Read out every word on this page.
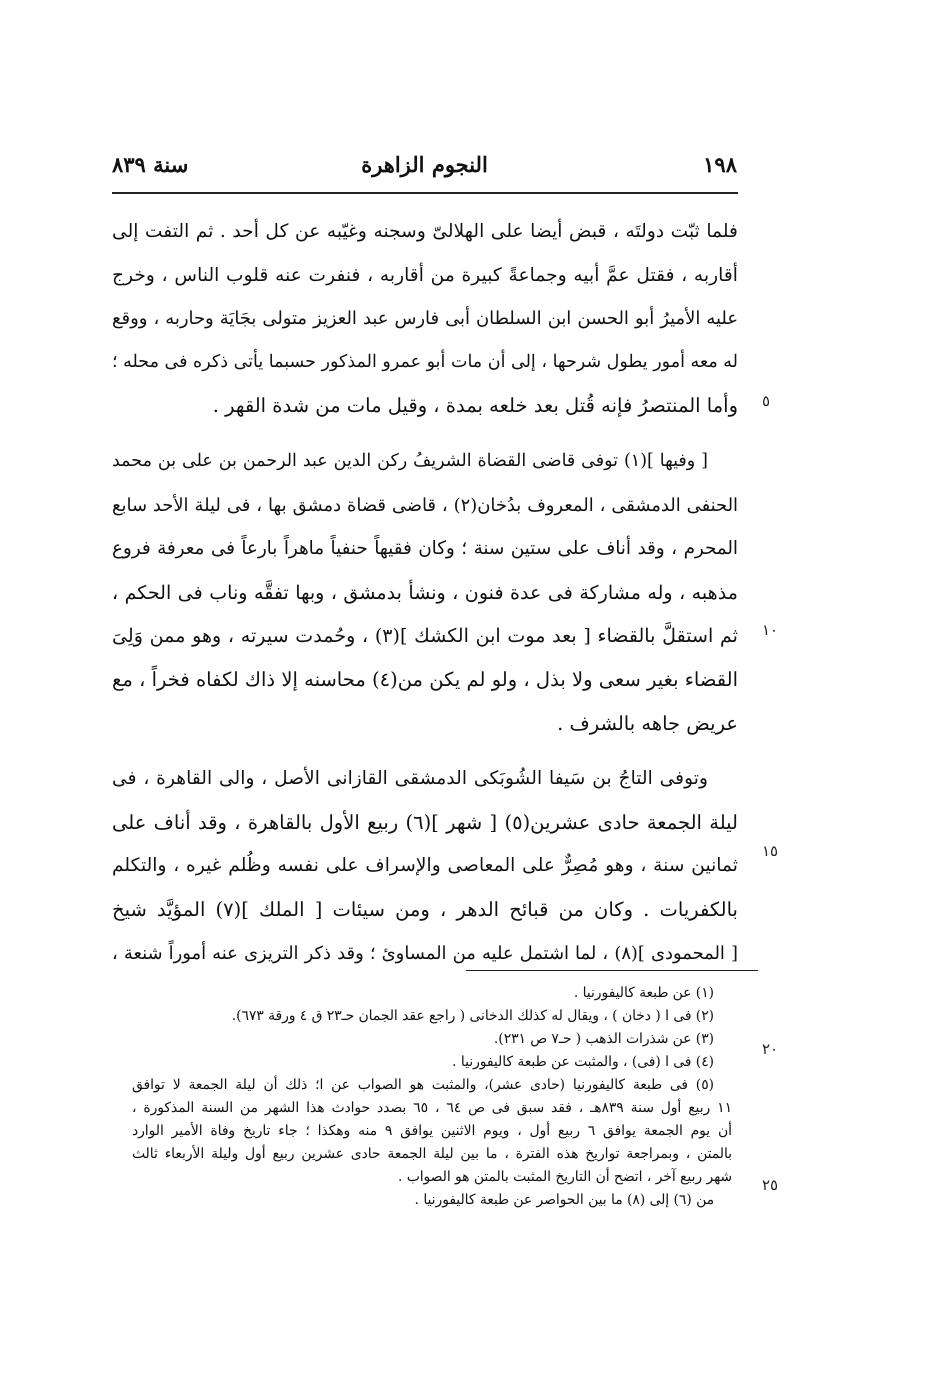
١٩٨
النجوم الزاهرة
سنة ٨٣٩
فلما ثبّت دولتَه ، قبض أيضا على الهلالىّ وسجنه وغيّبه عن كل أحد . ثم التفت إلى
أقاربه ، فقتل عمَّ أبيه وجماعةً كبيرة من أقاربه ، فنفرت عنه قلوب الناس ، وخرج
عليه الأميرُ أبو الحسن ابن السلطان أبى فارس عبد العزيز متولى بجَايَة وحاربه ، ووقع
له معه أمور يطول شرحها ، إلى أن مات أبو عمرو المذكور حسبما يأتى ذكره فى محله ؛
وأما المنتصرُ فإنه قُتل بعد خلعه بمدة ، وقيل مات من شدة القهر .
[ وفيها ](١) توفى قاضى القضاة الشريفُ ركن الدين عبد الرحمن بن على بن محمد
الحنفى الدمشقى ، المعروف بدُخان(٢) ، قاضى قضاة دمشق بها ، فى ليلة الأحد سابع
المحرم ، وقد أناف على ستين سنة ؛ وكان فقيهاً حنفياً ماهراً بارعاً فى معرفة فروع
مذهبه ، وله مشاركة فى عدة فنون ، ونشأ بدمشق ، وبها تفقَّه وناب فى الحكم ،
ثم استقلَّ بالقضاء [ بعد موت ابن الكشك ](٣) ، وحُمدت سيرته ، وهو ممن وَلِىَ
القضاء بغير سعى ولا بذل ، ولو لم يكن من(٤) محاسنه إلا ذاك لكفاه فخراً ، مع
عريض جاهه بالشرف .
وتوفى التاجُ بن سَيفا الشُوبَكى الدمشقى القازانى الأصل ، والى القاهرة ، فى
ليلة الجمعة حادى عشرين(٥) [ شهر ](٦) ربيع الأول بالقاهرة ، وقد أناف على
ثمانين سنة ، وهو مُصِرٌّ على المعاصى والإسراف على نفسه وظُلم غيره ، والتكلم
بالكفريات . وكان من قبائح الدهر ، ومن سيئات [ الملك ](٧) المؤيَّد شيخ
[ المحمودى ](٨) ، لما اشتمل عليه من المساوئ ؛ وقد ذكر التريزى عنه أموراً شنعة ،
٥
١٠
١٥
٢٠
٢٥
(١) عن طبعة كاليفورنيا .
(٢) فى ا ( دخان ) ، ويقال له كذلك الدخانى ( راجع عقد الجمان حـ٢٣ ق ٤ ورقة ٦٧٣).
(٣) عن شذرات الذهب ( حـ٧ ص ٢٣١).
(٤) فى ا (فى) ، والمثبت عن طبعة كاليفورنيا .
(٥) فى طبعة كاليفورنيا (حادى عشر)، والمثبت هو الصواب عن ا؛ ذلك أن ليلة الجمعة لا توافق
١١ ربيع أول سنة ٨٣٩هـ ، فقد سبق فى ص ٦٤ ، ٦٥ بصدد حوادث هذا الشهر من السنة المذكورة ،
أن يوم الجمعة يوافق ٦ ربيع أول ، ويوم الاثنين يوافق ٩ منه وهكذا ؛ جاء تاريخ وفاة الأمير الوارد
بالمتن ، وبمراجعة تواريخ هذه الفترة ، ما بين ليلة الجمعة حادى عشرين ربيع أول وليلة الأربعاء ثالث
شهر ربيع آخر ، اتضح أن التاريخ المثبت بالمتن هو الصواب .
من (٦) إلى (٨) ما بين الحواصر عن طبعة كاليفورنيا .
